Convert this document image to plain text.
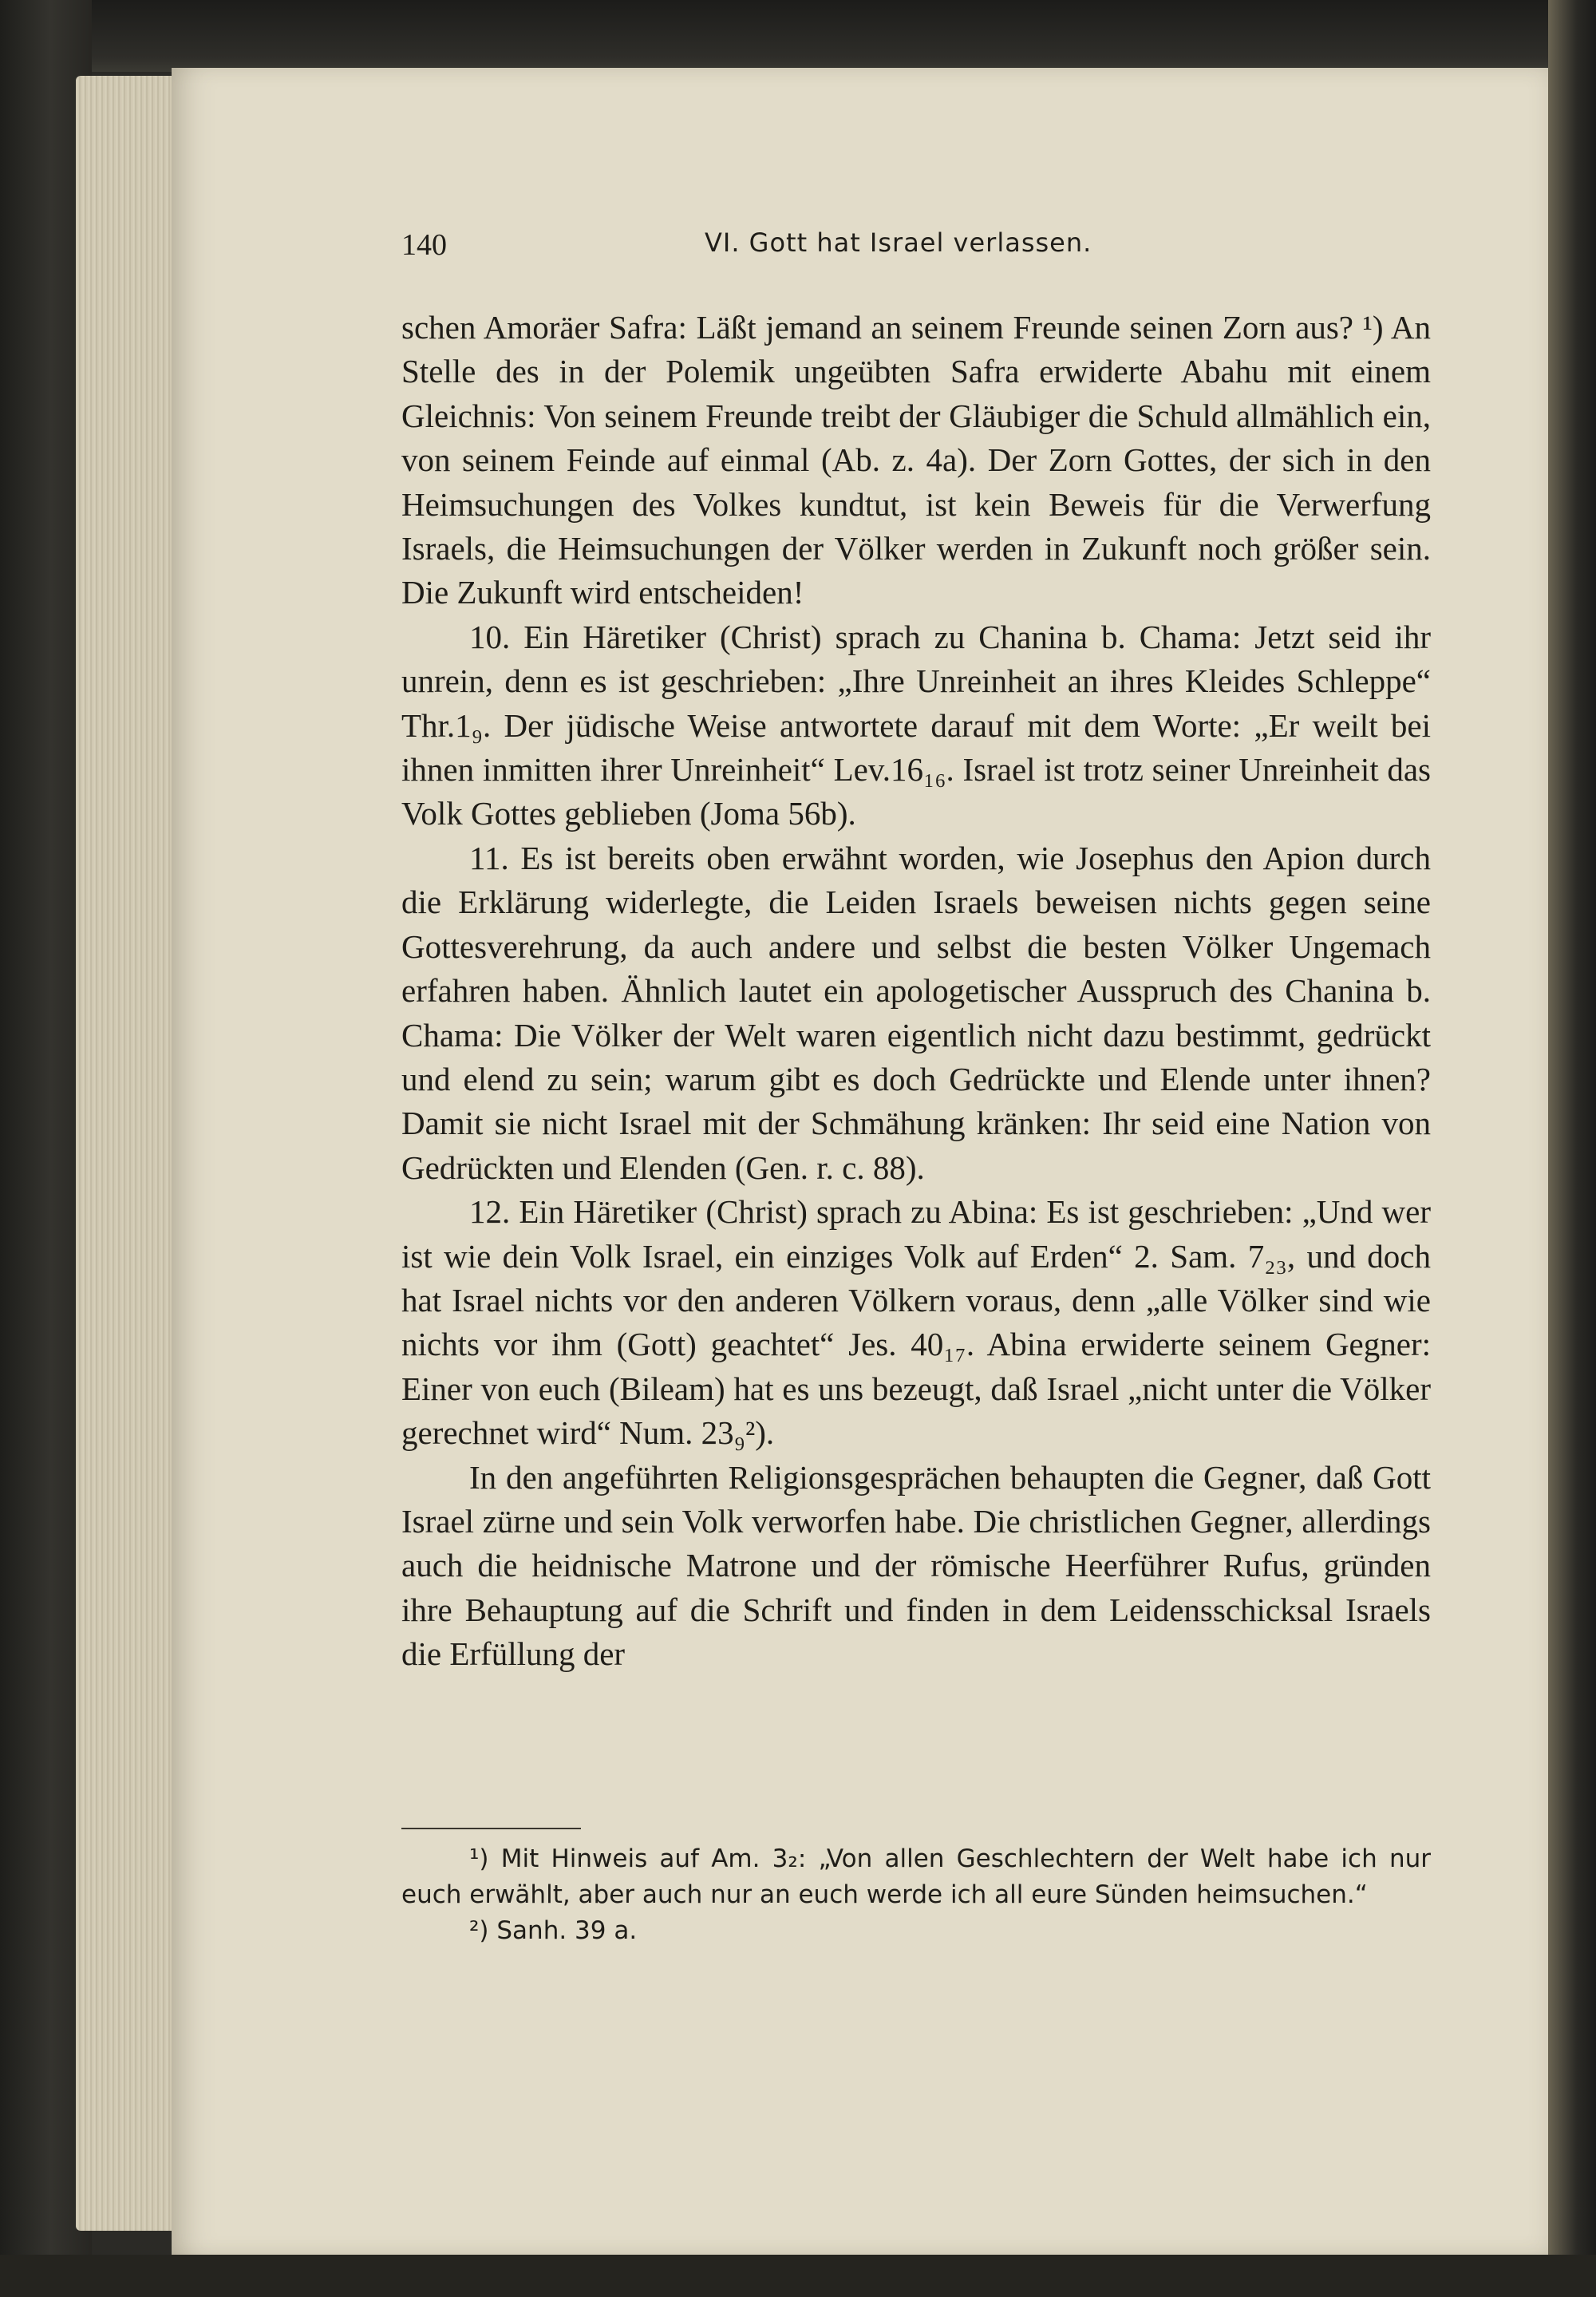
140	VI. Gott hat Israel verlassen.

schen Amoräer Safra: Läßt jemand an seinem Freunde seinen Zorn aus? ¹) An Stelle des in der Polemik ungeübten Safra erwiderte Abahu mit einem Gleichnis: Von seinem Freunde treibt der Gläubiger die Schuld allmählich ein, von seinem Feinde auf einmal (Ab. z. 4a). Der Zorn Gottes, der sich in den Heimsuchungen des Volkes kundtut, ist kein Beweis für die Verwerfung Israels, die Heimsuchungen der Völker werden in Zukunft noch größer sein. Die Zukunft wird entscheiden!

10. Ein Häretiker (Christ) sprach zu Chanina b. Chama: Jetzt seid ihr unrein, denn es ist geschrieben: „Ihre Unreinheit an ihres Kleides Schleppe“ Thr.1₉. Der jüdische Weise antwortete darauf mit dem Worte: „Er weilt bei ihnen inmitten ihrer Unreinheit“ Lev.16₁₆. Israel ist trotz seiner Unreinheit das Volk Gottes geblieben (Joma 56b).

11. Es ist bereits oben erwähnt worden, wie Josephus den Apion durch die Erklärung widerlegte, die Leiden Israels beweisen nichts gegen seine Gottesverehrung, da auch andere und selbst die besten Völker Ungemach erfahren haben. Ähnlich lautet ein apologetischer Ausspruch des Chanina b. Chama: Die Völker der Welt waren eigentlich nicht dazu bestimmt, gedrückt und elend zu sein; warum gibt es doch Gedrückte und Elende unter ihnen? Damit sie nicht Israel mit der Schmähung kränken: Ihr seid eine Nation von Gedrückten und Elenden (Gen. r. c. 88).

12. Ein Häretiker (Christ) sprach zu Abina: Es ist geschrieben: „Und wer ist wie dein Volk Israel, ein einziges Volk auf Erden“ 2. Sam. 7₂₃, und doch hat Israel nichts vor den anderen Völkern voraus, denn „alle Völker sind wie nichts vor ihm (Gott) geachtet“ Jes. 40₁₇. Abina erwiderte seinem Gegner: Einer von euch (Bileam) hat es uns bezeugt, daß Israel „nicht unter die Völker gerechnet wird“ Num. 23₉²).

In den angeführten Religionsgesprächen behaupten die Gegner, daß Gott Israel zürne und sein Volk verworfen habe. Die christlichen Gegner, allerdings auch die heidnische Matrone und der römische Heerführer Rufus, gründen ihre Behauptung auf die Schrift und finden in dem Leidensschicksal Israels die Erfüllung der

¹) Mit Hinweis auf Am. 3₂: „Von allen Geschlechtern der Welt habe ich nur euch erwählt, aber auch nur an euch werde ich all eure Sünden heimsuchen.“

²) Sanh. 39 a.
